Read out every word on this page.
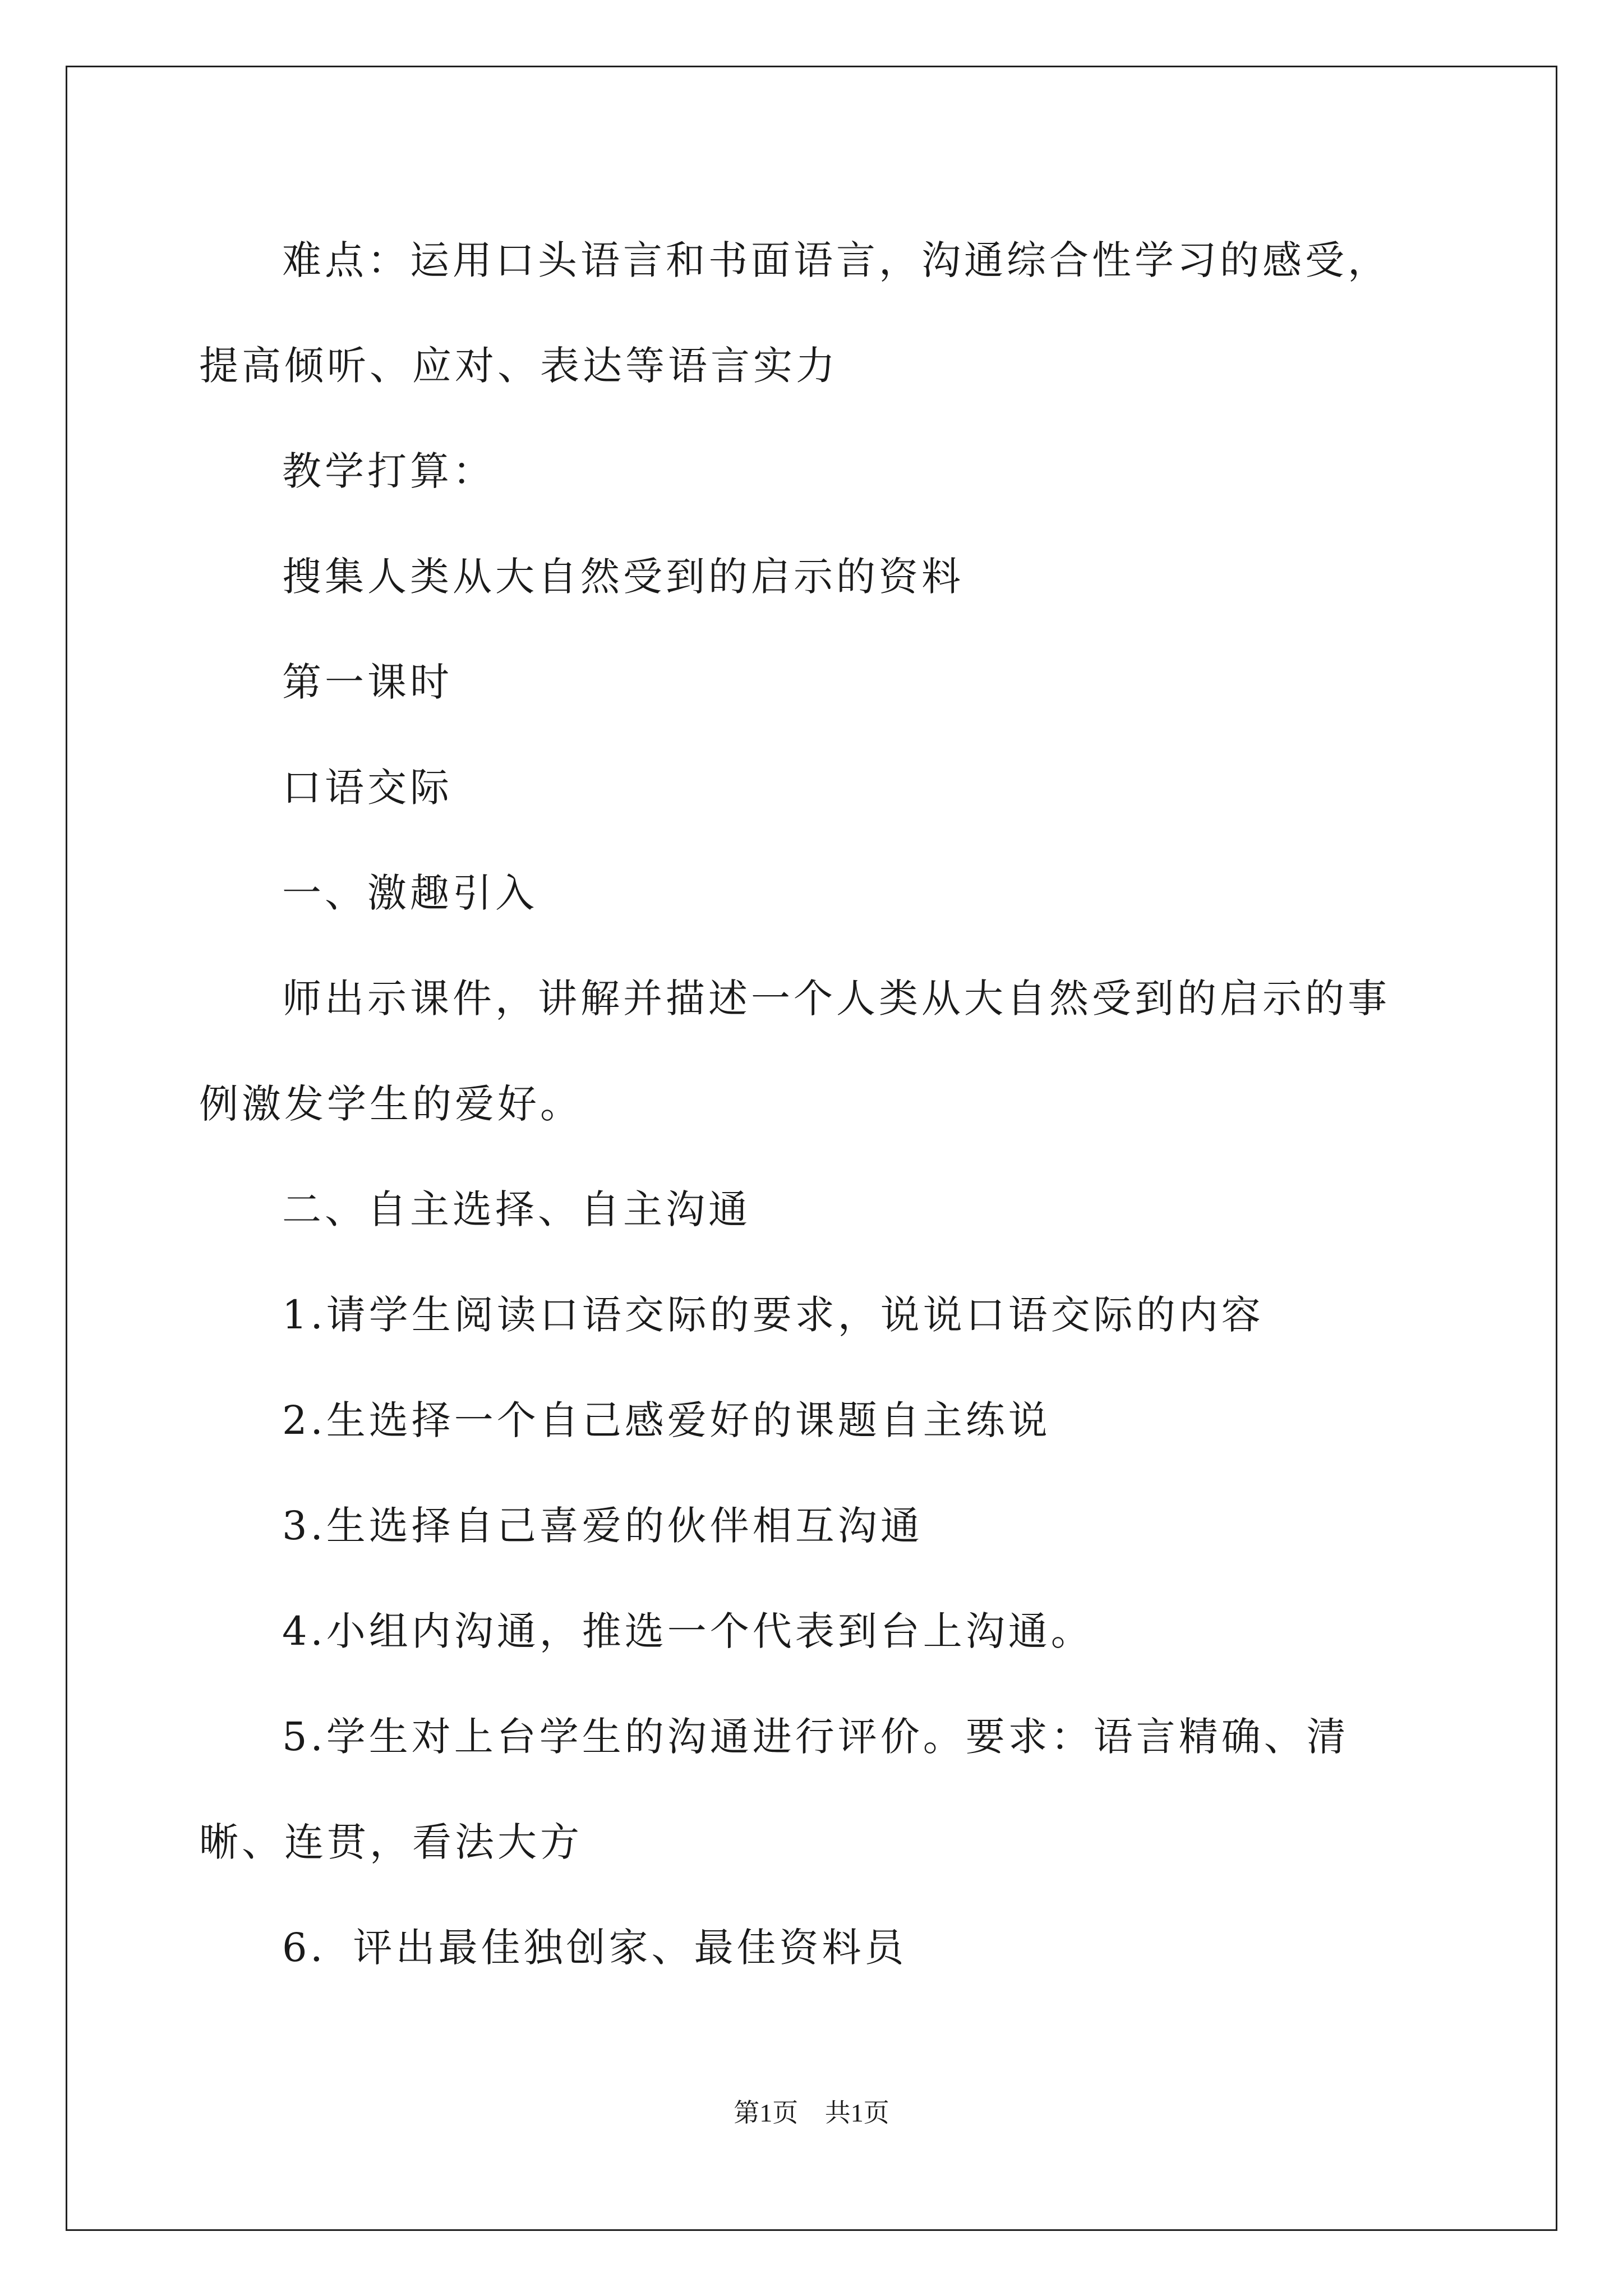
难点：运用口头语言和书面语言，沟通综合性学习的感受，提高倾听、应对、表达等语言实力

教学打算：

搜集人类从大自然受到的启示的资料

第一课时

口语交际

一、激趣引入

师出示课件，讲解并描述一个人类从大自然受到的启示的事例激发学生的爱好。

二、自主选择、自主沟通

1.请学生阅读口语交际的要求，说说口语交际的内容

2.生选择一个自己感爱好的课题自主练说

3.生选择自己喜爱的伙伴相互沟通

4.小组内沟通，推选一个代表到台上沟通。

5.学生对上台学生的沟通进行评价。要求：语言精确、清晰、连贯，看法大方

6．评出最佳独创家、最佳资料员

第1页 共1页
